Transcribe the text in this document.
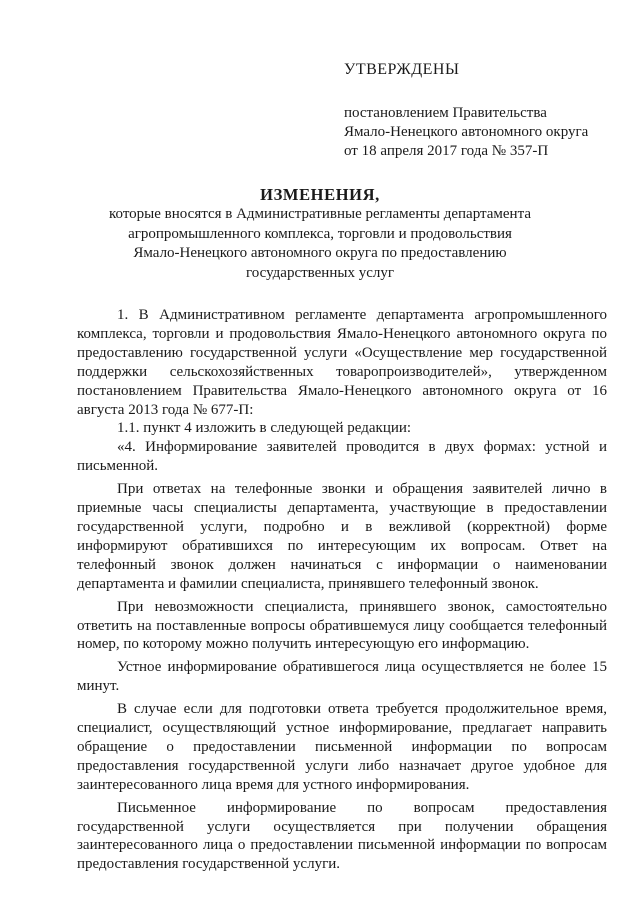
УТВЕРЖДЕНЫ
постановлением Правительства
Ямало-Ненецкого автономного округа
от 18 апреля 2017 года № 357-П
ИЗМЕНЕНИЯ,
которые вносятся в Административные регламенты департамента
агропромышленного комплекса, торговли и продовольствия
Ямало-Ненецкого автономного округа по предоставлению
государственных услуг

1. В Административном регламенте департамента агропромышленного комплекса, торговли и продовольствия Ямало-Ненецкого автономного округа по предоставлению государственной услуги «Осуществление мер государственной поддержки сельскохозяйственных товаропроизводителей», утвержденном постановлением Правительства Ямало-Ненецкого автономного округа от 16 августа 2013 года № 677-П:

1.1. пункт 4 изложить в следующей редакции:

«4. Информирование заявителей проводится в двух формах: устной и письменной.

При ответах на телефонные звонки и обращения заявителей лично в приемные часы специалисты департамента, участвующие в предоставлении государственной услуги, подробно и в вежливой (корректной) форме информируют обратившихся по интересующим их вопросам. Ответ на телефонный звонок должен начинаться с информации о наименовании департамента и фамилии специалиста, принявшего телефонный звонок.

При невозможности специалиста, принявшего звонок, самостоятельно ответить на поставленные вопросы обратившемуся лицу сообщается телефонный номер, по которому можно получить интересующую его информацию.

Устное информирование обратившегося лица осуществляется не более 15 минут.

В случае если для подготовки ответа требуется продолжительное время, специалист, осуществляющий устное информирование, предлагает направить обращение о предоставлении письменной информации по вопросам предоставления государственной услуги либо назначает другое удобное для заинтересованного лица время для устного информирования.

Письменное информирование по вопросам предоставления государственной услуги осуществляется при получении обращения заинтересованного лица о предоставлении письменной информации по вопросам предоставления государственной услуги.
